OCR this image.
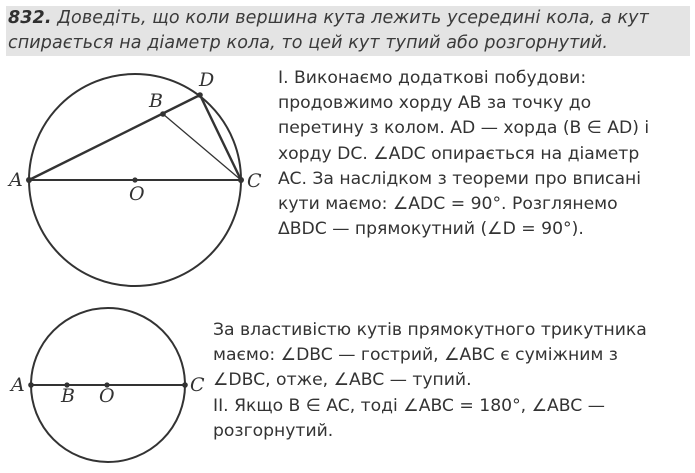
832. Доведіть, що коли вершина кута лежить усередині кола, а кут
спирається на діаметр кола, то цей кут тупий або розгорнутий.
A
B
D
C
O
A B O	C
I. Виконаємо додаткові побудови:
продовжимо хорду AB за точку до
перетину з колом. AD — хорда (B ∈ AD) і
хорду DC. ∠ADC опирається на діаметр
AC. За наслідком з теореми про вписані
кути маємо: ∠ADC = 90°. Розглянемо
ΔBDC — прямокутний (∠D = 90°).
За властивістю кутів прямокутного трикутника
маємо: ∠DBC — гострий, ∠ABC є суміжним з
∠DBC, отже, ∠ABC — тупий.
II. Якщо B ∈ AC, тоді ∠ABC = 180°, ∠ABC —
розгорнутий.
